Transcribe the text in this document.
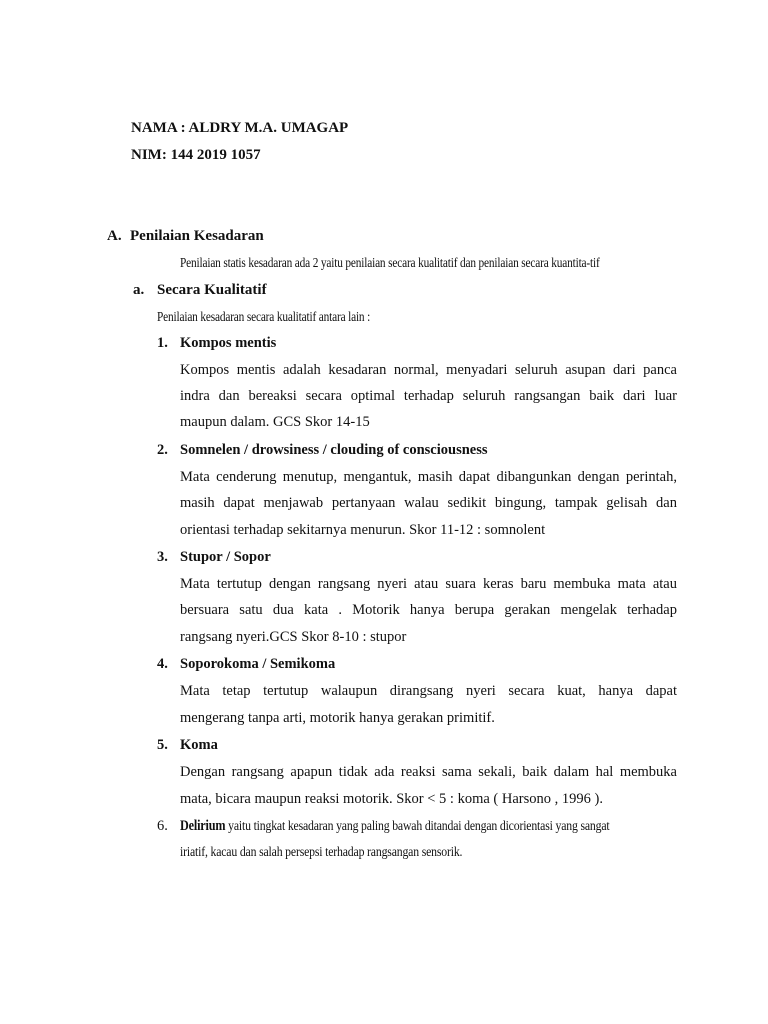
NAMA : ALDRY M.A. UMAGAP
NIM: 144 2019 1057
A. Penilaian Kesadaran
Penilaian statis kesadaran ada 2 yaitu penilaian secara kualitatif dan penilaian secara kuantita-tif
a. Secara Kualitatif
Penilaian kesadaran secara kualitatif antara lain :
1. Kompos mentis
Kompos mentis adalah kesadaran normal, menyadari seluruh asupan dari panca
indra dan bereaksi secara optimal terhadap seluruh rangsangan baik dari luar
maupun dalam. GCS Skor 14-15
2. Somnelen / drowsiness / clouding of consciousness
Mata cenderung menutup, mengantuk, masih dapat dibangunkan dengan perintah,
masih dapat menjawab pertanyaan walau sedikit bingung, tampak gelisah dan
orientasi terhadap sekitarnya menurun. Skor 11-12 : somnolent
3. Stupor / Sopor
Mata tertutup dengan rangsang nyeri atau suara keras baru membuka mata atau
bersuara satu dua kata . Motorik hanya berupa gerakan mengelak terhadap
rangsang nyeri.GCS Skor 8-10 : stupor
4. Soporokoma / Semikoma
Mata tetap tertutup walaupun dirangsang nyeri secara kuat, hanya dapat
mengerang tanpa arti, motorik hanya gerakan primitif.
5. Koma
Dengan rangsang apapun tidak ada reaksi sama sekali, baik dalam hal membuka
mata, bicara maupun reaksi motorik. Skor < 5 : koma ( Harsono , 1996 ).
6. Delirium yaitu tingkat kesadaran yang paling bawah ditandai dengan dicorientasi yang sangat
iriatif, kacau dan salah persepsi terhadap rangsangan sensorik.
